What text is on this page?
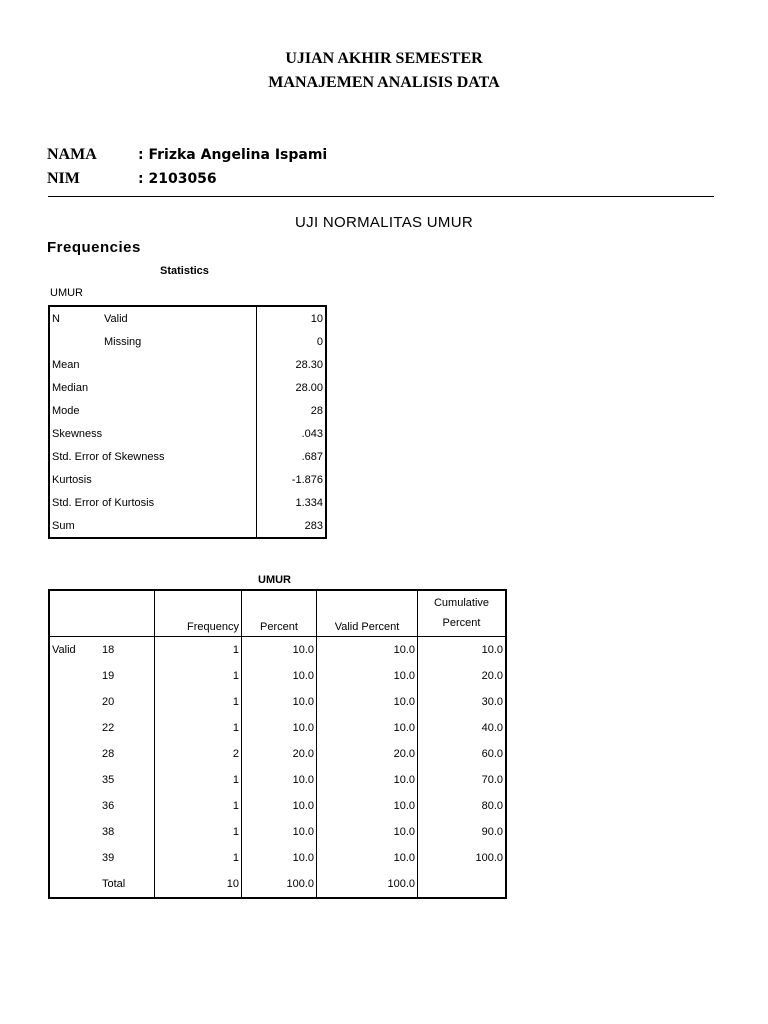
UJIAN AKHIR SEMESTER
MANAJEMEN ANALISIS DATA
NAMA	: Frizka Angelina Ispami
NIM	: 2103056
UJI NORMALITAS UMUR
Frequencies
Statistics
UMUR
N	Valid	10
	Missing	0
Mean		28.30
Median		28.00
Mode		28
Skewness		.043
Std. Error of Skewness		.687
Kurtosis		-1.876
Std. Error of Kurtosis		1.334
Sum		283
UMUR
		Frequency	Percent	Valid Percent	Cumulative
Percent

Valid	18	1	10.0	10.0	10.0
	19	1	10.0	10.0	20.0
	20	1	10.0	10.0	30.0
	22	1	10.0	10.0	40.0
	28	2	20.0	20.0	60.0
	35	1	10.0	10.0	70.0
	36	1	10.0	10.0	80.0
	38	1	10.0	10.0	90.0
	39	1	10.0	10.0	100.0
	Total	10	100.0	100.0	
